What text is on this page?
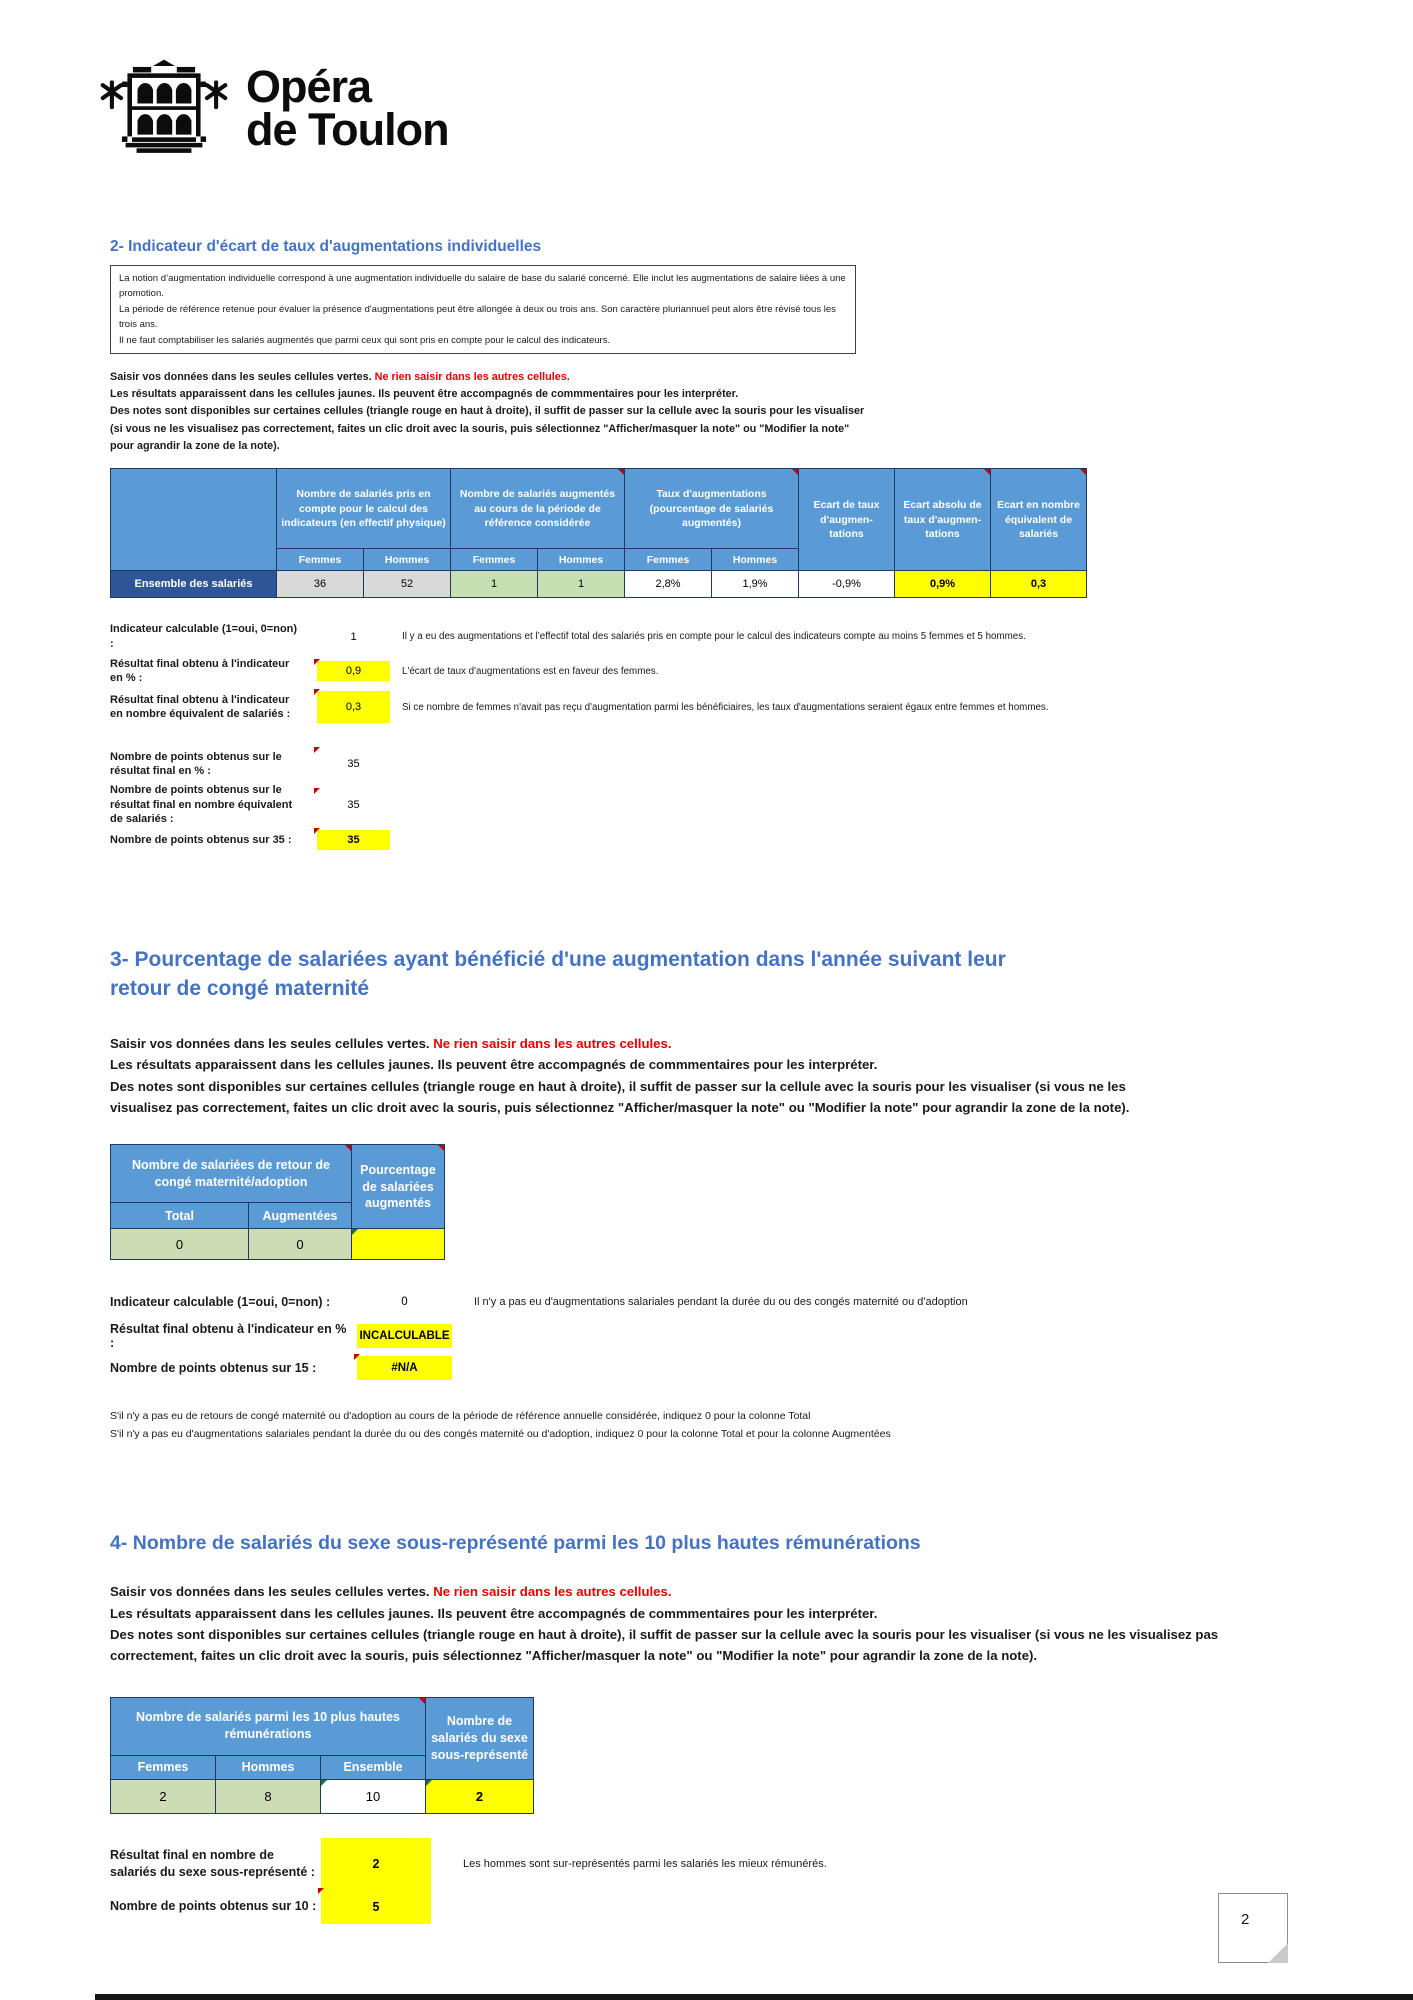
Opéra
de Toulon
2- Indicateur d'écart de taux d'augmentations individuelles

La notion d’augmentation individuelle correspond à une augmentation individuelle du salaire de base du salarié concerné. Elle inclut les augmentations de salaire liées à une promotion.

La période de référence retenue pour évaluer la présence d'augmentations peut être allongée à deux ou trois ans. Son caractère pluriannuel peut alors être révisé tous les trois ans.

Il ne faut comptabiliser les salariés augmentés que parmi ceux qui sont pris en compte pour le calcul des indicateurs.

Saisir vos données dans les seules cellules vertes. Ne rien saisir dans les autres cellules.

Les résultats apparaissent dans les cellules jaunes. Ils peuvent être accompagnés de commmentaires pour les interpréter.

Des notes sont disponibles sur certaines cellules (triangle rouge en haut à droite), il suffit de passer sur la cellule avec la souris pour les visualiser (si vous ne les visualisez pas correctement, faites un clic droit avec la souris, puis sélectionnez "Afficher/masquer la note" ou "Modifier la note" pour agrandir la zone de la note).

	Nombre de salariés pris en compte pour le calcul des indicateurs (en effectif physique)		Nombre de salariés augmentés au cours de la période de référence considérée		Taux d'augmentations (pourcentage de salariés augmentés)		Ecart de taux d'augmen-tations	Ecart absolu de taux d'augmen-tations	Ecart en nombre équivalent de salariés
	Femmes	Hommes	Femmes	Hommes	Femmes	Hommes			
Ensemble des salariés	36	52	1	1	2,8%	1,9%	-0,9%	0,9%	0,3
Indicateur calculable (1=oui, 0=non) :
1	Il y a eu des augmentations et l’effectif total des salariés pris en compte pour le calcul des indicateurs compte au moins 5 femmes et 5 hommes.
Résultat final obtenu à l'indicateur en % :
0,9	L'écart de taux d'augmentations est en faveur des femmes.
Résultat final obtenu à l'indicateur en nombre équivalent de salariés :
0,3	Si ce nombre de femmes n'avait pas reçu d'augmentation parmi les bénéficiaires, les taux d'augmentations seraient égaux entre femmes et hommes.
Nombre de points obtenus sur le résultat final en % :
35
Nombre de points obtenus sur le résultat final en nombre équivalent de salariés :
35
Nombre de points obtenus sur 35 :	35
3- Pourcentage de salariées ayant bénéficié d'une augmentation dans l'année suivant leur retour de congé maternité

Saisir vos données dans les seules cellules vertes. Ne rien saisir dans les autres cellules.

Les résultats apparaissent dans les cellules jaunes. Ils peuvent être accompagnés de commmentaires pour les interpréter.

Des notes sont disponibles sur certaines cellules (triangle rouge en haut à droite), il suffit de passer sur la cellule avec la souris pour les visualiser (si vous ne les visualisez pas correctement, faites un clic droit avec la souris, puis sélectionnez "Afficher/masquer la note" ou "Modifier la note" pour agrandir la zone de la note).

Nombre de salariées de retour de congé maternité/adoption		Pourcentage de salariées augmentés
Total	Augmentées	
0	0	
Indicateur calculable (1=oui, 0=non) :	0	Il n'y a pas eu d'augmentations salariales pendant la durée du ou des congés maternité ou d'adoption
Résultat final obtenu à l'indicateur en % :	INCALCULABLE
Nombre de points obtenus sur 15 :	#N/A

S'il n'y a pas eu de retours de congé maternité ou d'adoption au cours de la période de référence annuelle considérée, indiquez 0 pour la colonne Total

S'il n'y a pas eu d'augmentations salariales pendant la durée du ou des congés maternité ou d'adoption, indiquez 0 pour la colonne Total et pour la colonne Augmentées

4- Nombre de salariés du sexe sous-représenté parmi les 10 plus hautes rémunérations

Saisir vos données dans les seules cellules vertes. Ne rien saisir dans les autres cellules.

Les résultats apparaissent dans les cellules jaunes. Ils peuvent être accompagnés de commmentaires pour les interpréter.

Des notes sont disponibles sur certaines cellules (triangle rouge en haut à droite), il suffit de passer sur la cellule avec la souris pour les visualiser (si vous ne les visualisez pas correctement, faites un clic droit avec la souris, puis sélectionnez "Afficher/masquer la note" ou "Modifier la note" pour agrandir la zone de la note).

Nombre de salariés parmi les 10 plus hautes rémunérations			Nombre de salariés du sexe sous-représenté
Femmes	Hommes	Ensemble	
2	8	10	2
Résultat final en nombre de salariés du sexe sous-représenté :
2	Les hommes sont sur-représentés parmi les salariés les mieux rémunérés.
Nombre de points obtenus sur 10 :	5
2
